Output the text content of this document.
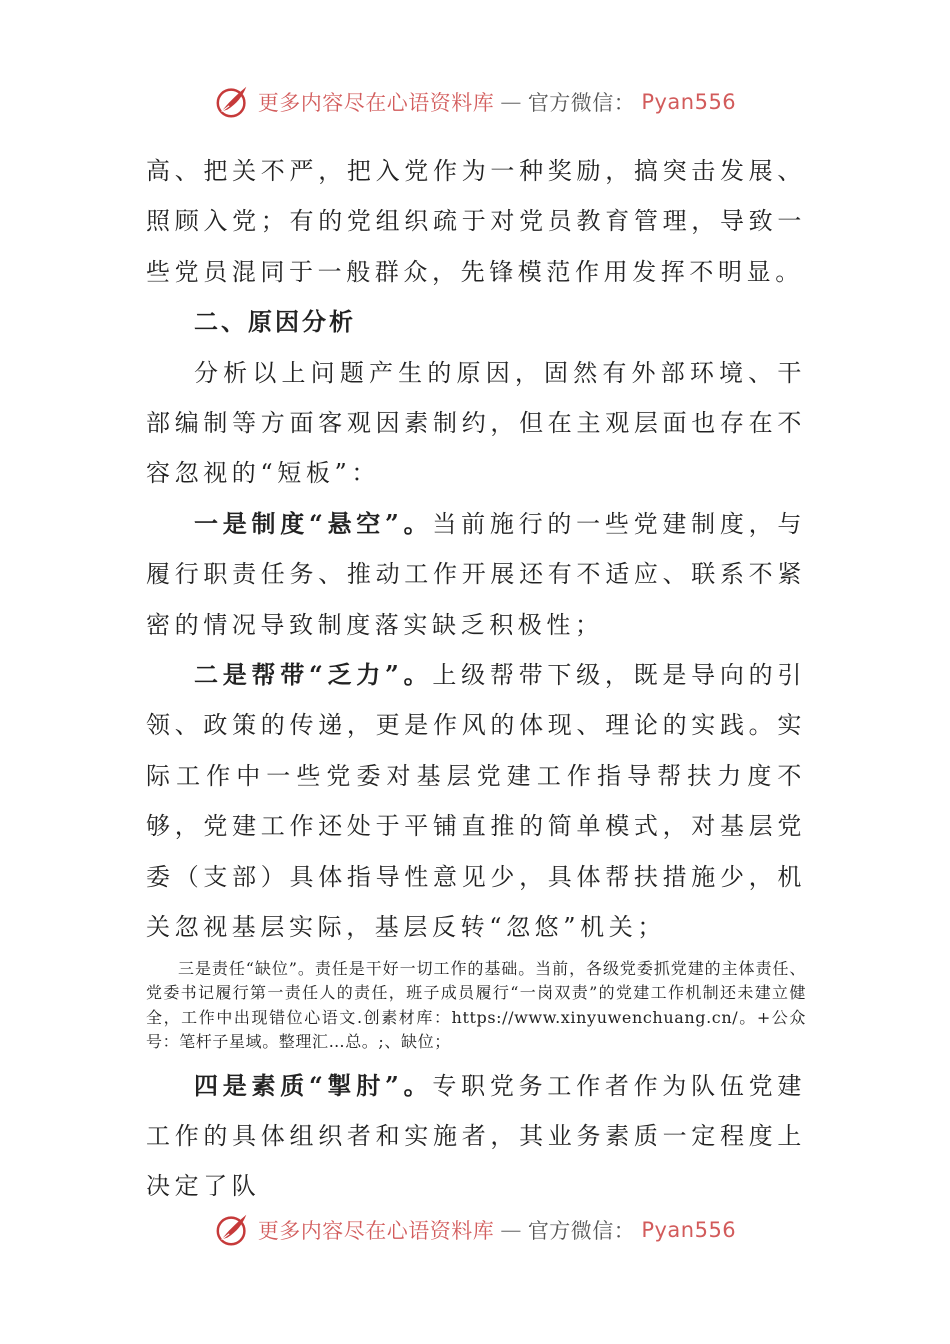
更多内容尽在心语资料库 — 官方微信： Pyan556

高、把关不严，把入党作为一种奖励，搞突击发展、照顾入党；有的党组织疏于对党员教育管理，导致一些党员混同于一般群众，先锋模范作用发挥不明显。

二、原因分析

分析以上问题产生的原因，固然有外部环境、干部编制等方面客观因素制约，但在主观层面也存在不容忽视的“短板”：

一是制度“悬空”。当前施行的一些党建制度，与履行职责任务、推动工作开展还有不适应、联系不紧密的情况导致制度落实缺乏积极性；

二是帮带“乏力”。上级帮带下级，既是导向的引领、政策的传递，更是作风的体现、理论的实践。实际工作中一些党委对基层党建工作指导帮扶力度不够，党建工作还处于平铺直推的简单模式，对基层党委（支部）具体指导性意见少，具体帮扶措施少，机关忽视基层实际，基层反转“忽悠”机关；

三是责任“缺位”。责任是干好一切工作的基础。当前，各级党委抓党建的主体责任、党委书记履行第一责任人的责任，班子成员履行“一岗双责”的党建工作机制还未建立健全，工作中出现错位心语文.创素材库：https://www.xinyuwenchuang.cn/。+公众号：笔杆子星域。整理汇…总。;、缺位；

四是素质“掣肘”。专职党务工作者作为队伍党建工作的具体组织者和实施者，其业务素质一定程度上决定了队

更多内容尽在心语资料库 — 官方微信： Pyan556
